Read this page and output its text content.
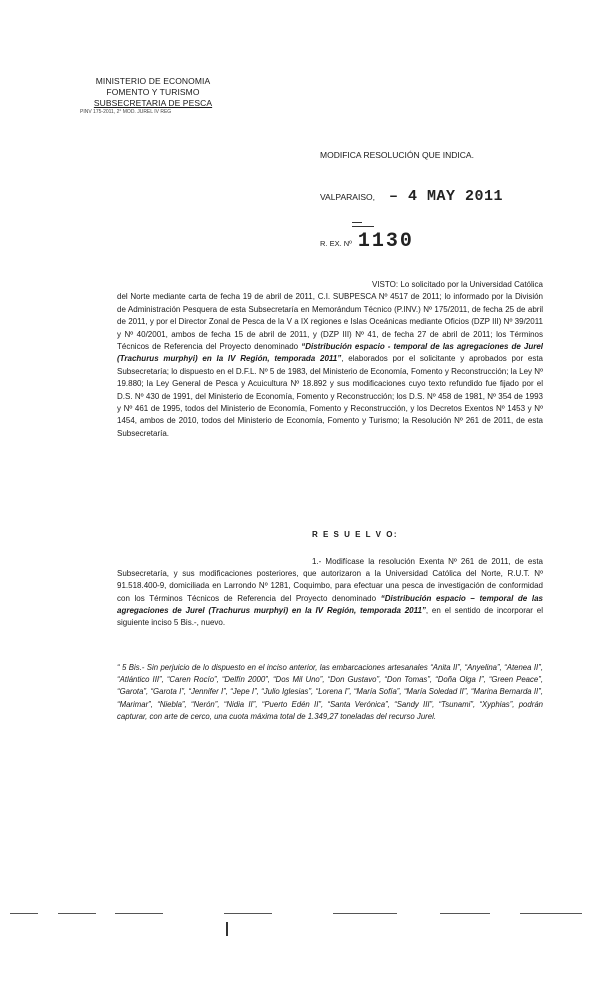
MINISTERIO DE ECONOMIA
FOMENTO Y TURISMO
SUBSECRETARIA DE PESCA
PINV 175-2011, 2° MOD. JUREL IV REG
MODIFICA RESOLUCIÓN QUE INDICA.
VALPARAISO, – 4 MAY 2011
R. EX. Nº 1130

VISTO: Lo solicitado por la Universidad Católica del Norte mediante carta de fecha 19 de abril de 2011, C.I. SUBPESCA Nº 4517 de 2011; lo informado por la División de Administración Pesquera de esta Subsecretaría en Memorándum Técnico (P.INV.) Nº 175/2011, de fecha 25 de abril de 2011, y por el Director Zonal de Pesca de la V a IX regiones e Islas Oceánicas mediante Oficios (DZP III) Nº 39/2011 y Nº 40/2001, ambos de fecha 15 de abril de 2011, y (DZP III) Nº 41, de fecha 27 de abril de 2011; los Términos Técnicos de Referencia del Proyecto denominado “Distribución espacio - temporal de las agregaciones de Jurel (Trachurus murphyi) en la IV Región, temporada 2011”, elaborados por el solicitante y aprobados por esta Subsecretaría; lo dispuesto en el D.F.L. Nº 5 de 1983, del Ministerio de Economía, Fomento y Reconstrucción; la Ley Nº 19.880; la Ley General de Pesca y Acuicultura Nº 18.892 y sus modificaciones cuyo texto refundido fue fijado por el D.S. Nº 430 de 1991, del Ministerio de Economía, Fomento y Reconstrucción; los D.S. Nº 458 de 1981, Nº 354 de 1993 y Nº 461 de 1995, todos del Ministerio de Economía, Fomento y Reconstrucción, y los Decretos Exentos Nº 1453 y Nº 1454, ambos de 2010, todos del Ministerio de Economía, Fomento y Turismo; la Resolución Nº 261 de 2011, de esta Subsecretaría.

R E S U E L V O:

1.- Modifícase la resolución Exenta Nº 261 de 2011, de esta Subsecretaría, y sus modificaciones posteriores, que autorizaron a la Universidad Católica del Norte, R.U.T. Nº 91.518.400-9, domiciliada en Larrondo Nº 1281, Coquimbo, para efectuar una pesca de investigación de conformidad con los Términos Técnicos de Referencia del Proyecto denominado “Distribución espacio – temporal de las agregaciones de Jurel (Trachurus murphyi) en la IV Región, temporada 2011”, en el sentido de incorporar el siguiente inciso 5 Bis.-, nuevo.

“ 5 Bis.- Sin perjuicio de lo dispuesto en el inciso anterior, las embarcaciones artesanales “Anita II”, “Anyelina”, “Atenea II”, “Atlántico III”, “Caren Rocío”, “Delfín 2000”, “Dos Mil Uno”, “Don Gustavo”, “Don Tomas”, “Doña Olga I”, “Green Peace”, “Garota”, “Garota I”, “Jennifer I”, “Jepe I”, “Julio Iglesias”, “Lorena I”, “María Sofía”, “María Soledad II”, “Marina Bernarda II”, “Marimar”, “Niebla”, “Nerón”, “Nidia II”, “Puerto Edén II”, “Santa Verónica”, “Sandy III”, “Tsunami”, “Xyphias”, podrán capturar, con arte de cerco, una cuota máxima total de 1.349,27 toneladas del recurso Jurel.
